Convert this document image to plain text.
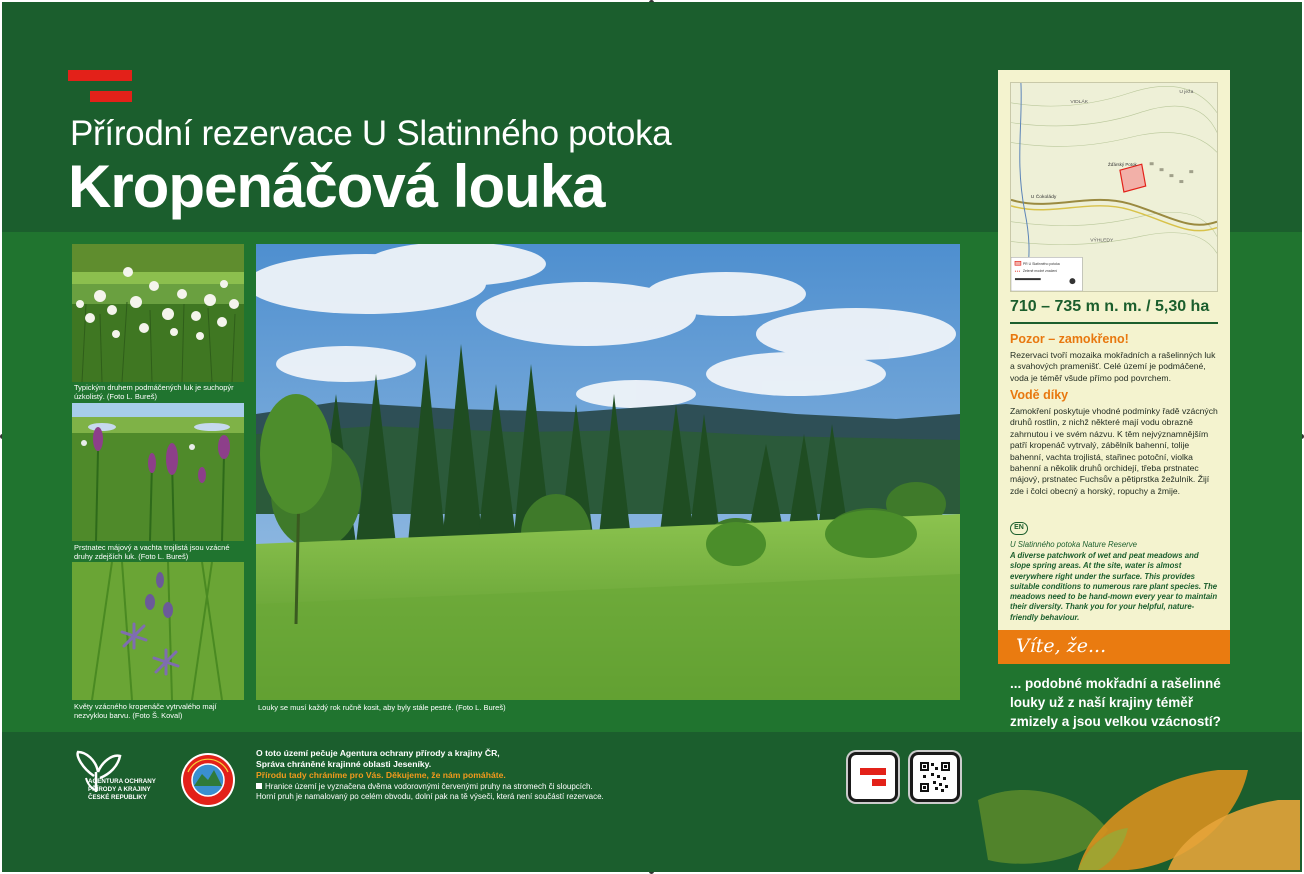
Přírodní rezervace U Slatinného potoka
Kropenáčová louka
Typickým druhem podmáčených luk je suchopýr úzkolistý. (Foto L. Bureš)
Prstnatec májový a vachta trojlistá jsou vzácné druhy zdejších luk. (Foto L. Bureš)
Květy vzácného kropenáče vytrvalého mají nezvyklou barvu. (Foto Š. Koval)
Louky se musí každý rok ručně kosit, aby byly stále pestré. (Foto L. Bureš)
VIDLÁK
U ježa
Žďárský Potok
U Čokolády
VÝHLEDY
PR U Slatinného potoka
Zeleně modré značení
710 – 735 m n. m. / 5,30 ha
Pozor – zamokřeno!
Rezervaci tvoří mozaika mokřadních a rašelinných luk a svahových pramenišť. Celé území je podmáčené, voda je téměř všude přímo pod povrchem.
Vodě díky
Zamokření poskytuje vhodné podmínky řadě vzácných druhů rostlin, z nichž některé mají vodu obrazně zahrnutou i ve svém názvu. K těm nejvýznamnějším patří kropenáč vytrvalý, zábělník bahenní, tolije bahenní, vachta trojlistá, stařinec potoční, violka bahenní a několik druhů orchidejí, třeba prstnatec májový, prstnatec Fuchsův a pětiprstka žežulník. Žijí zde i čolci obecný a horský, ropuchy a žmije.
EN
U Slatinného potoka Nature Reserve
A diverse patchwork of wet and peat meadows and slope spring areas. At the site, water is almost everywhere right under the surface. This provides suitable conditions to numerous rare plant species. The meadows need to be hand-mown every year to maintain their diversity. Thank you for your helpful, nature-friendly behaviour.
Víte, že...
... podobné mokřadní a rašelinné louky už z naší krajiny téměř zmizely a jsou velkou vzácností?
AGENTURA OCHRANY PŘÍRODY A KRAJINY ČESKÉ REPUBLIKY
O toto území pečuje Agentura ochrany přírody a krajiny ČR,
Správa chráněné krajinné oblasti Jeseníky.
Přírodu tady chráníme pro Vás. Děkujeme, že nám pomáháte.
Hranice území je vyznačena dvěma vodorovnými červenými pruhy na stromech či sloupcích.
Horní pruh je namalovaný po celém obvodu, dolní pak na tě výseči, která není součástí rezervace.
